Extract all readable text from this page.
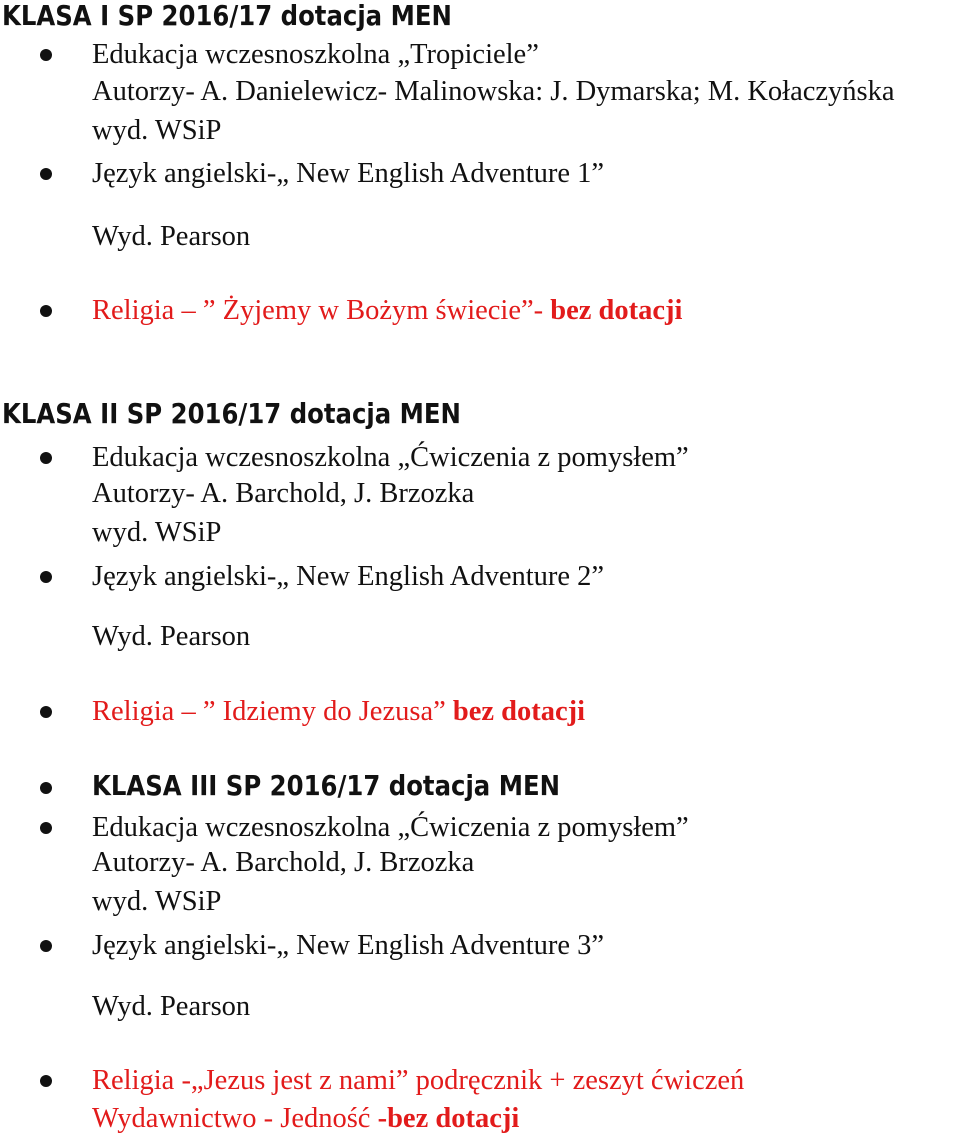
KLASA I SP 2016/17 dotacja MEN
Edukacja wczesnoszkolna „Tropiciele”
Autorzy- A. Danielewicz- Malinowska: J. Dymarska; M. Kołaczyńska
wyd. WSiP
Język angielski-„ New English Adventure 1”
Wyd. Pearson
Religia – ” Żyjemy w Bożym świecie”- bez dotacji
KLASA II SP 2016/17 dotacja MEN
Edukacja wczesnoszkolna „Ćwiczenia z pomysłem”
Autorzy- A. Barchold, J. Brzozka
wyd. WSiP
Język angielski-„ New English Adventure 2”
Wyd. Pearson
Religia – ” Idziemy do Jezusa” bez dotacji
KLASA III SP 2016/17 dotacja MEN
Edukacja wczesnoszkolna „Ćwiczenia z pomysłem”
Autorzy- A. Barchold, J. Brzozka
wyd. WSiP
Język angielski-„ New English Adventure 3”
Wyd. Pearson
Religia -„Jezus jest z nami” podręcznik + zeszyt ćwiczeń
Wydawnictwo - Jedność -bez dotacji
